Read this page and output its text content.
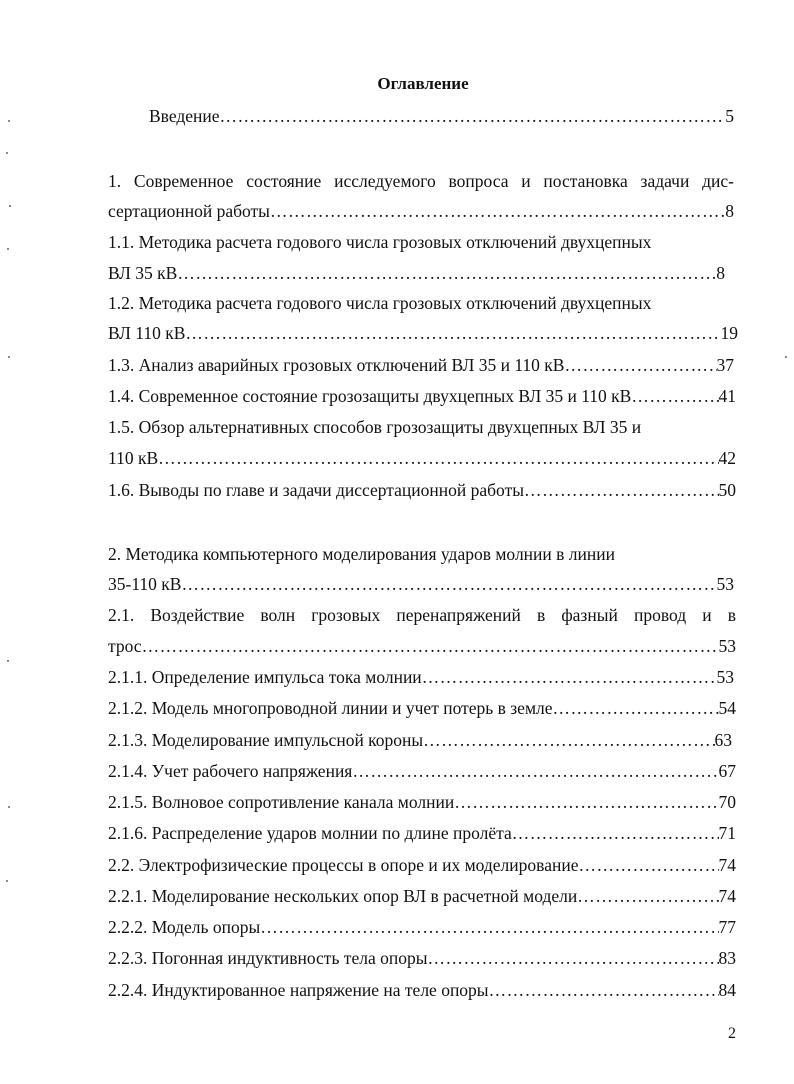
Оглавление
Введение ………………………………………………………………………………………………………………………………………………………………………………………………	5
1. Современное состояние исследуемого вопроса и постановка задачи дис-
сертационной работы ………………………………………………………………………………………………………………………………………………………………………………………………	8
1.1. Методика расчета годового числа грозовых отключений двухцепных
ВЛ 35 кВ ………………………………………………………………………………………………………………………………………………………………………………………………	8
1.2. Методика расчета годового числа грозовых отключений двухцепных
ВЛ 110 кВ ………………………………………………………………………………………………………………………………………………………………………………………………	19
1.3. Анализ аварийных грозовых отключений ВЛ 35 и 110 кВ ………………………………………………………………………………………………………………………………………………………………………………………………	37
1.4. Современное состояние грозозащиты двухцепных ВЛ 35 и 110 кВ ………………………………………………………………………………………………………………………………………………………………………………………………	41
1.5. Обзор альтернативных способов грозозащиты двухцепных ВЛ 35 и
110 кВ ………………………………………………………………………………………………………………………………………………………………………………………………	42
1.6. Выводы по главе и задачи диссертационной работы ………………………………………………………………………………………………………………………………………………………………………………………………	50
2. Методика компьютерного моделирования ударов молнии в линии
35-110 кВ ………………………………………………………………………………………………………………………………………………………………………………………………	53
2.1. Воздействие волн грозовых перенапряжений в фазный провод и в
трос ………………………………………………………………………………………………………………………………………………………………………………………………	53
2.1.1. Определение импульса тока молнии ………………………………………………………………………………………………………………………………………………………………………………………………	53
2.1.2. Модель многопроводной линии и учет потерь в земле ………………………………………………………………………………………………………………………………………………………………………………………………	54
2.1.3. Моделирование импульсной короны ………………………………………………………………………………………………………………………………………………………………………………………………	63
2.1.4. Учет рабочего напряжения ………………………………………………………………………………………………………………………………………………………………………………………………	67
2.1.5. Волновое сопротивление канала молнии ………………………………………………………………………………………………………………………………………………………………………………………………	70
2.1.6. Распределение ударов молнии по длине пролёта ………………………………………………………………………………………………………………………………………………………………………………………………	71
2.2. Электрофизические процессы в опоре и их моделирование ………………………………………………………………………………………………………………………………………………………………………………………………	74
2.2.1. Моделирование нескольких опор ВЛ в расчетной модели ………………………………………………………………………………………………………………………………………………………………………………………………	74
2.2.2. Модель опоры ………………………………………………………………………………………………………………………………………………………………………………………………	77
2.2.3. Погонная индуктивность тела опоры ………………………………………………………………………………………………………………………………………………………………………………………………	83
2.2.4. Индуктированное напряжение на теле опоры ………………………………………………………………………………………………………………………………………………………………………………………………	84
2
